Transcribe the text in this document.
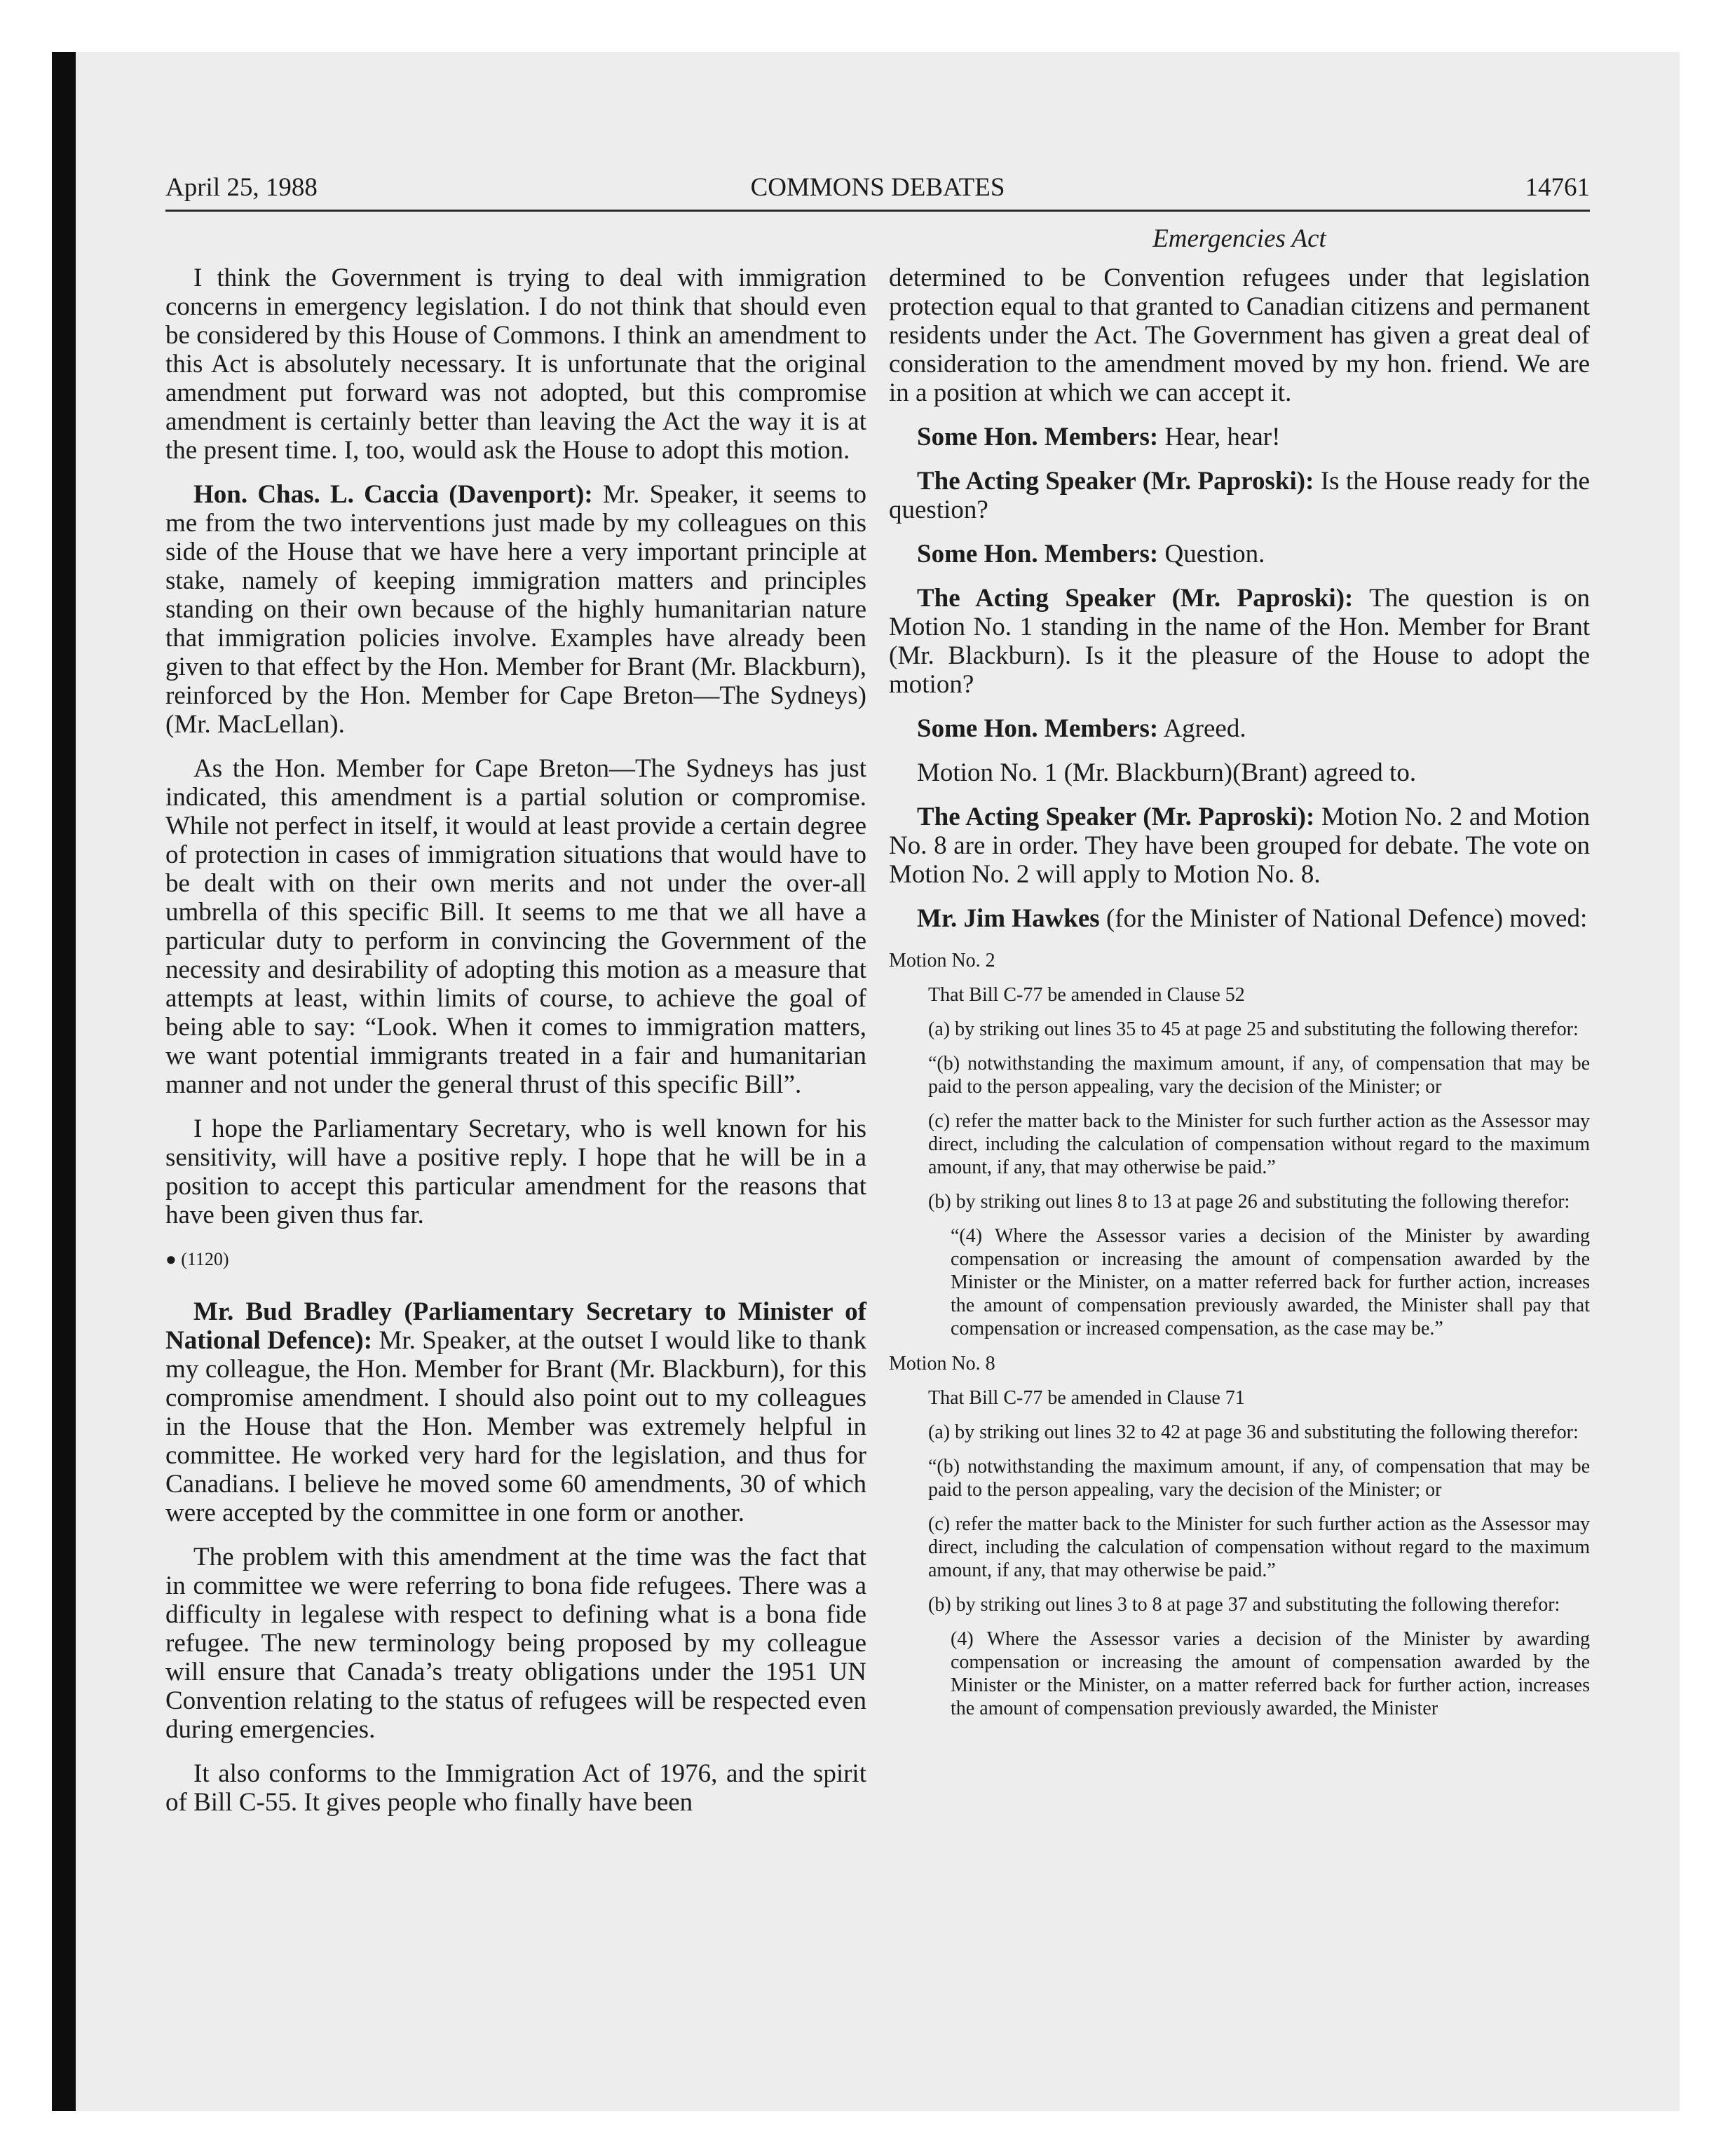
April 25, 1988	COMMONS DEBATES	14761
Emergencies Act

I think the Government is trying to deal with immigration concerns in emergency legislation. I do not think that should even be considered by this House of Commons. I think an amendment to this Act is absolutely necessary. It is unfortunate that the original amendment put forward was not adopted, but this compromise amendment is certainly better than leaving the Act the way it is at the present time. I, too, would ask the House to adopt this motion.

Hon. Chas. L. Caccia (Davenport): Mr. Speaker, it seems to me from the two interventions just made by my colleagues on this side of the House that we have here a very important principle at stake, namely of keeping immigration matters and principles standing on their own because of the highly humanitarian nature that immigration policies involve. Examples have already been given to that effect by the Hon. Member for Brant (Mr. Blackburn), reinforced by the Hon. Member for Cape Breton—The Sydneys) (Mr. MacLellan).

As the Hon. Member for Cape Breton—The Sydneys has just indicated, this amendment is a partial solution or compromise. While not perfect in itself, it would at least provide a certain degree of protection in cases of immigration situations that would have to be dealt with on their own merits and not under the over-all umbrella of this specific Bill. It seems to me that we all have a particular duty to perform in convincing the Government of the necessity and desirability of adopting this motion as a measure that attempts at least, within limits of course, to achieve the goal of being able to say: “Look. When it comes to immigration matters, we want potential immigrants treated in a fair and humanitarian manner and not under the general thrust of this specific Bill”.

I hope the Parliamentary Secretary, who is well known for his sensitivity, will have a positive reply. I hope that he will be in a position to accept this particular amendment for the reasons that have been given thus far.

● (1120)

Mr. Bud Bradley (Parliamentary Secretary to Minister of National Defence): Mr. Speaker, at the outset I would like to thank my colleague, the Hon. Member for Brant (Mr. Blackburn), for this compromise amendment. I should also point out to my colleagues in the House that the Hon. Member was extremely helpful in committee. He worked very hard for the legislation, and thus for Canadians. I believe he moved some 60 amendments, 30 of which were accepted by the committee in one form or another.

The problem with this amendment at the time was the fact that in committee we were referring to bona fide refugees. There was a difficulty in legalese with respect to defining what is a bona fide refugee. The new terminology being proposed by my colleague will ensure that Canada’s treaty obligations under the 1951 UN Convention relating to the status of refugees will be respected even during emergencies.

It also conforms to the Immigration Act of 1976, and the spirit of Bill C-55. It gives people who finally have been

determined to be Convention refugees under that legislation protection equal to that granted to Canadian citizens and permanent residents under the Act. The Government has given a great deal of consideration to the amendment moved by my hon. friend. We are in a position at which we can accept it.

Some Hon. Members: Hear, hear!

The Acting Speaker (Mr. Paproski): Is the House ready for the question?

Some Hon. Members: Question.

The Acting Speaker (Mr. Paproski): The question is on Motion No. 1 standing in the name of the Hon. Member for Brant (Mr. Blackburn). Is it the pleasure of the House to adopt the motion?

Some Hon. Members: Agreed.

Motion No. 1 (Mr. Blackburn)(Brant) agreed to.

The Acting Speaker (Mr. Paproski): Motion No. 2 and Motion No. 8 are in order. They have been grouped for debate. The vote on Motion No. 2 will apply to Motion No. 8.

Mr. Jim Hawkes (for the Minister of National Defence) moved:

Motion No. 2

That Bill C-77 be amended in Clause 52

(a) by striking out lines 35 to 45 at page 25 and substituting the following therefor:

“(b) notwithstanding the maximum amount, if any, of compensation that may be paid to the person appealing, vary the decision of the Minister; or

(c) refer the matter back to the Minister for such further action as the Assessor may direct, including the calculation of compensation without regard to the maximum amount, if any, that may otherwise be paid.”

(b) by striking out lines 8 to 13 at page 26 and substituting the following therefor:

“(4) Where the Assessor varies a decision of the Minister by awarding compensation or increasing the amount of compensation awarded by the Minister or the Minister, on a matter referred back for further action, increases the amount of compensation previously awarded, the Minister shall pay that compensation or increased compensation, as the case may be.”

Motion No. 8

That Bill C-77 be amended in Clause 71

(a) by striking out lines 32 to 42 at page 36 and substituting the following therefor:

“(b) notwithstanding the maximum amount, if any, of compensation that may be paid to the person appealing, vary the decision of the Minister; or

(c) refer the matter back to the Minister for such further action as the Assessor may direct, including the calculation of compensation without regard to the maximum amount, if any, that may otherwise be paid.”

(b) by striking out lines 3 to 8 at page 37 and substituting the following therefor:

(4) Where the Assessor varies a decision of the Minister by awarding compensation or increasing the amount of compensation awarded by the Minister or the Minister, on a matter referred back for further action, increases the amount of compensation previously awarded, the Minister
